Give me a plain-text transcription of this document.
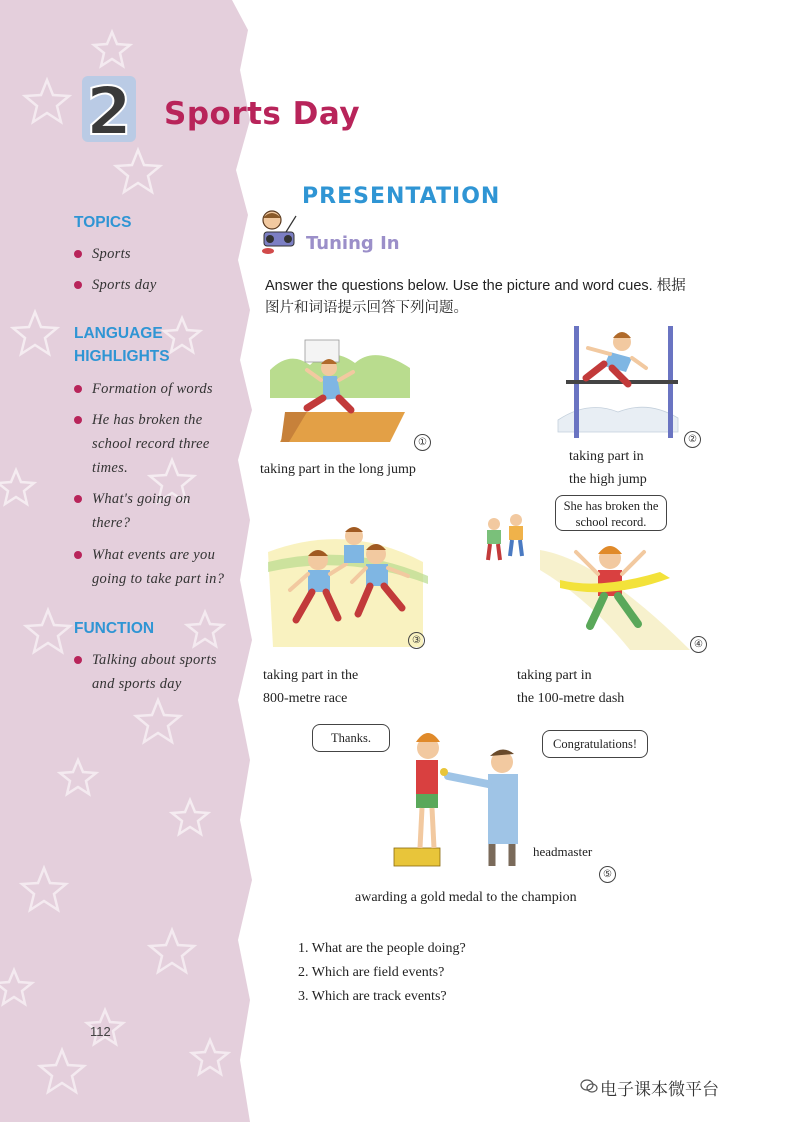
2 Sports Day
TOPICS
Sports
Sports day
LANGUAGE
HIGHLIGHTS
Formation of words
He has broken the
school record three
times.
What's going on
there?
What events are you
going to take part in?
FUNCTION
Talking about sports
and sports day
PRESENTATION
Tuning In
Answer the questions below. Use the picture and word cues. 根据
图片和词语提示回答下列问题。
①
taking part in the long jump
②
taking part in
the high jump
③
taking part in the
800-metre race
She has broken the
school record.
④
taking part in
the 100-metre dash
Thanks.	Congratulations!
headmaster
⑤
awarding a gold medal to the champion
1. What are the people doing?
2. Which are field events?
3. Which are track events?
112
电子课本微平台
